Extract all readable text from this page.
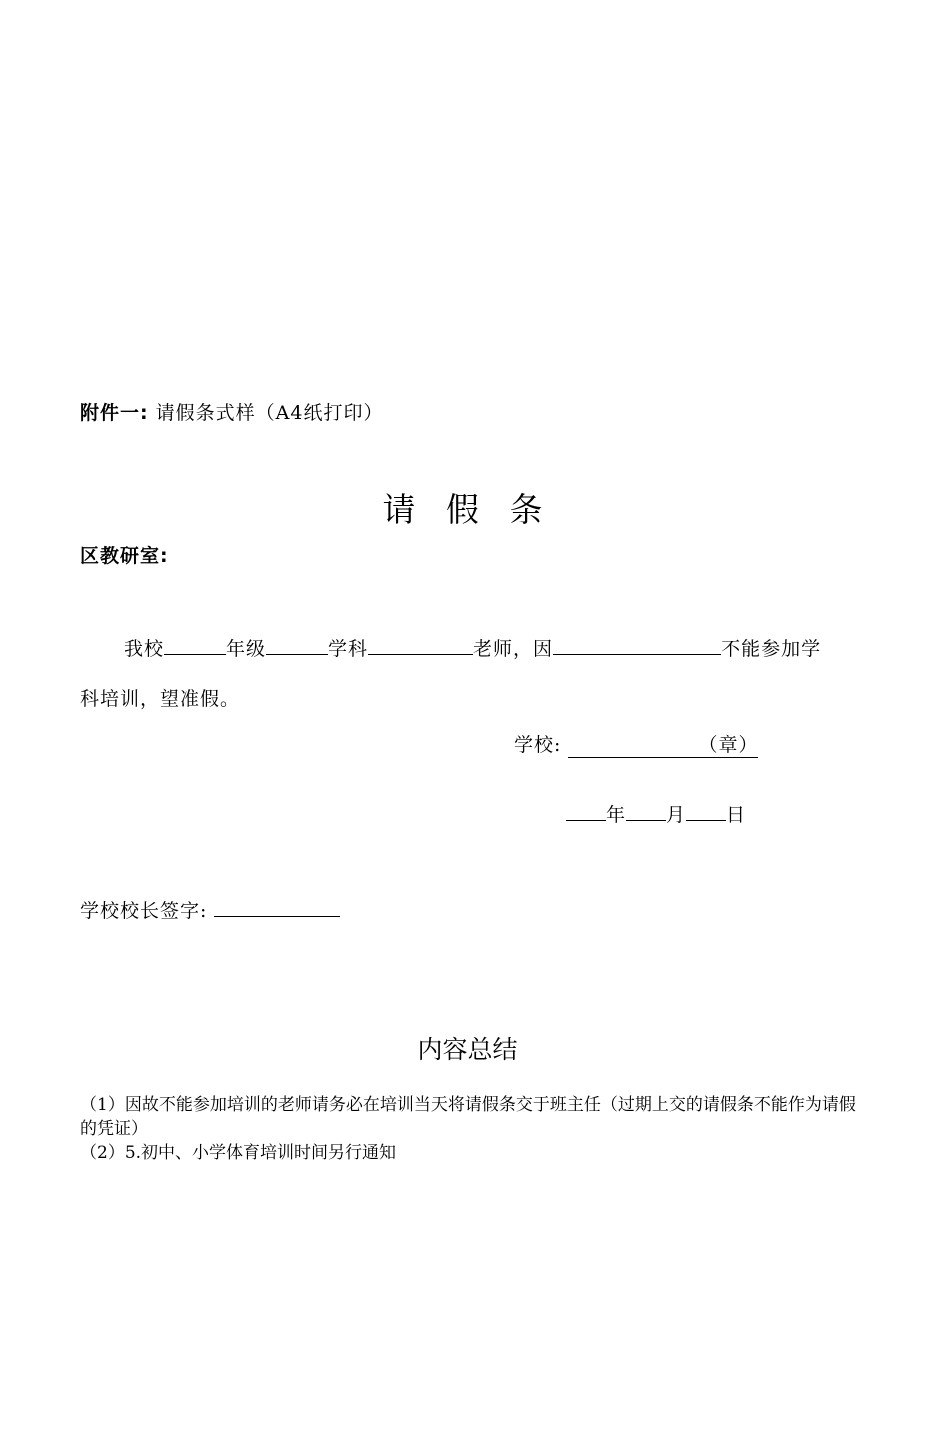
附件一: 请假条式样（A4纸打印）
请 假 条
区教研室:
我校	年级	学科	老师，因	不能参加学
科培训，望准假。
学校:	（章）
年 月 日
学校校长签字:
内容总结
（1）因故不能参加培训的老师请务必在培训当天将请假条交于班主任（过期上交的请假条不能作为请假的凭证）
（2）5.初中、小学体育培训时间另行通知
